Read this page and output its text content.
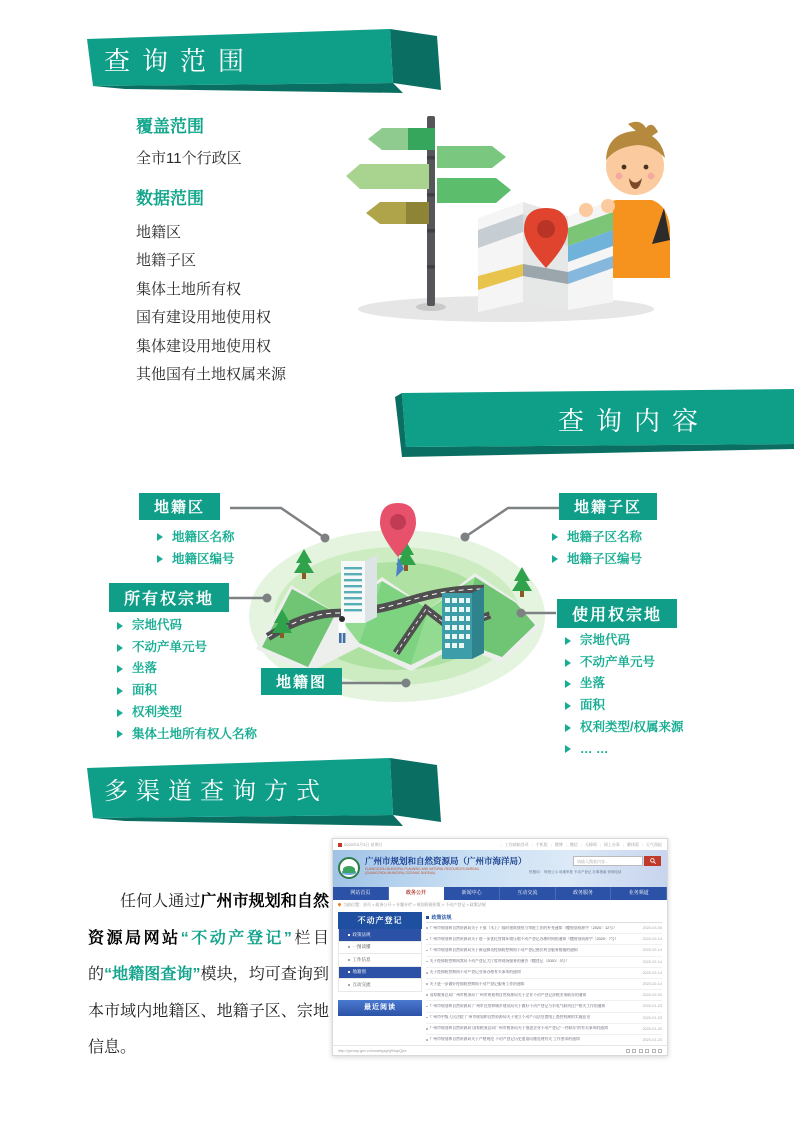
查询范围
覆盖范围

全市11个行政区

数据范围
地籍区
地籍子区
集体土地所有权
国有建设用地使用权
集体建设用地使用权
其他国有土地权属来源
查询内容
地籍区	地籍子区
所有权宗地
使用权宗地
地籍图
地籍区名称
地籍区编号
地籍子区名称
地籍子区编号
宗地代码
不动产单元号
坐落
面积
权利类型
集体土地所有权人名称
宗地代码
不动产单元号
坐落
面积
权利类型/权属来源
… …
多渠道查询方式

任何人通过广州市规划和自然资源局网站“不动产登记”栏目的“地籍图查询”模块，均可查询到本市域内地籍区、地籍子区、宗地信息。

2020年5月3日 星期日	| 工作邮箱登录	| 手机版	| 微博	| 微信	| 无障碍	| 网上办事	| 繁体版	| 天气预报
广州市规划和自然资源局（广州市海洋局）
GUANGZHOU MUNICIPAL PLANNING AND NATURAL RESOURCES BUREAU
(GUANGZHOU MUNICIPAL OCEANIC BUREAU)
请输入搜索内容...
热搜词： 规划公示 用地审批 不动产登记 办事指南 咨询电话
网站首页	政务公开	新闻中心	互动交流	政务服务	业务频道
当前位置：首页 > 政务公开 > 专题专栏 > 规划资源决策 > 不动产登记 > 政策法规
不动产登记
政策法规
一图读懂
工作信息
地籍图
互动交流
最近阅读
政策法规
广州市规划和自然资源局关于下放（水上）临时建筑使用与审批工作的补充通知（穗规划资源字〔2020〕12号）	2020-03-05
广州市规划和自然资源局关于进一步优化营商环境压缩不动产登记办理时间的通知（穗规划资源字〔2020〕7号）	2020-02-14
广州市规划和自然资源局关于新冠肺炎疫情防控期间不动产登记便民利企服务措施的通知	2020-02-14
关于疫情防控期间我局不动产登记大厅暂停现场服务的通告（穗登记〔2020〕3号）	2020-02-14
关于疫情防控期间不动产登记业务办理有关事项的通知	2020-02-14
关于进一步做好疫情防控期间不动产登记服务工作的通知	2020-02-14
国家税务总局广州市税务局 广州市规划和自然资源局关于企业不动产登记涉税业务联办的通知	2020-02-03
广州市规划和自然资源局 广州市住房和城乡建设局关于做好不动产登记与水电气联动过户相关工作的通知	2020-01-23
广州市中级人民法院 广州市规划和自然资源局关于建立不动产司法处置线上查控机制的实施意见	2020-01-23
广州市规划和自然资源局 国家税务总局广州市税务局关于推进企业不动产登记“一件联办”的有关事项的通知	2020-01-20
广州市规划和自然资源局关于严格规范 不动产登记历史遗留问题处理有关 工作要求的通知	2020-01-23
http://gzmap.gov.cn/smartgzghj/MapQjcx
